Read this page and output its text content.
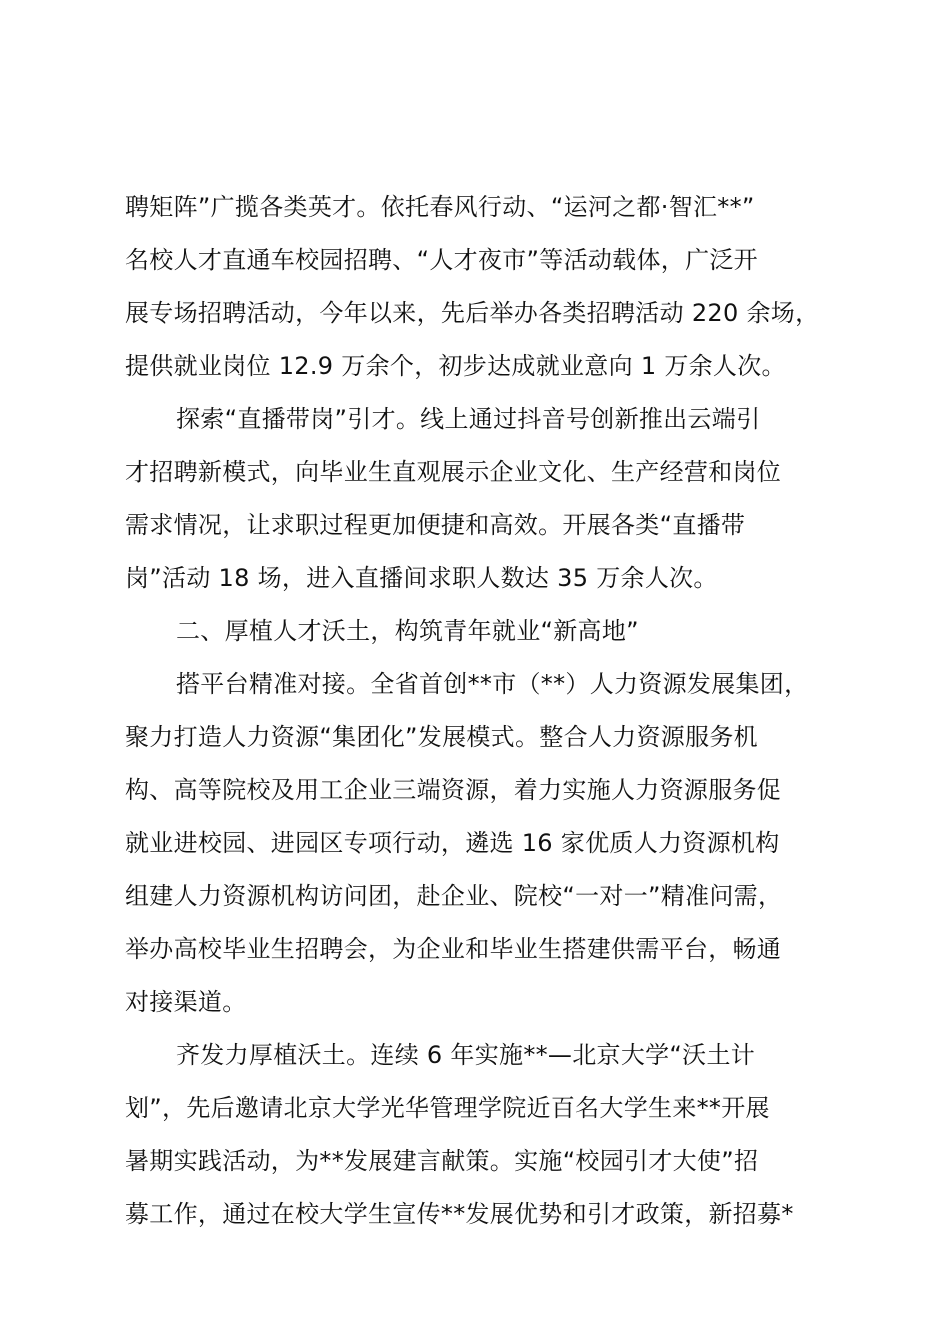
聘矩阵”广揽各类英才。依托春风行动、“运河之都·智汇**”
名校人才直通车校园招聘、“人才夜市”等活动载体，广泛开
展专场招聘活动，今年以来，先后举办各类招聘活动 220 余场，
提供就业岗位 12.9 万余个，初步达成就业意向 1 万余人次。
探索“直播带岗”引才。线上通过抖音号创新推出云端引
才招聘新模式，向毕业生直观展示企业文化、生产经营和岗位
需求情况，让求职过程更加便捷和高效。开展各类“直播带
岗”活动 18 场，进入直播间求职人数达 35 万余人次。
二、厚植人才沃土，构筑青年就业“新高地”
搭平台精准对接。全省首创**市（**）人力资源发展集团，
聚力打造人力资源“集团化”发展模式。整合人力资源服务机
构、高等院校及用工企业三端资源，着力实施人力资源服务促
就业进校园、进园区专项行动，遴选 16 家优质人力资源机构
组建人力资源机构访问团，赴企业、院校“一对一”精准问需，
举办高校毕业生招聘会，为企业和毕业生搭建供需平台，畅通
对接渠道。
齐发力厚植沃土。连续 6 年实施**—北京大学“沃土计
划”，先后邀请北京大学光华管理学院近百名大学生来**开展
暑期实践活动，为**发展建言献策。实施“校园引才大使”招
募工作，通过在校大学生宣传**发展优势和引才政策，新招募*
